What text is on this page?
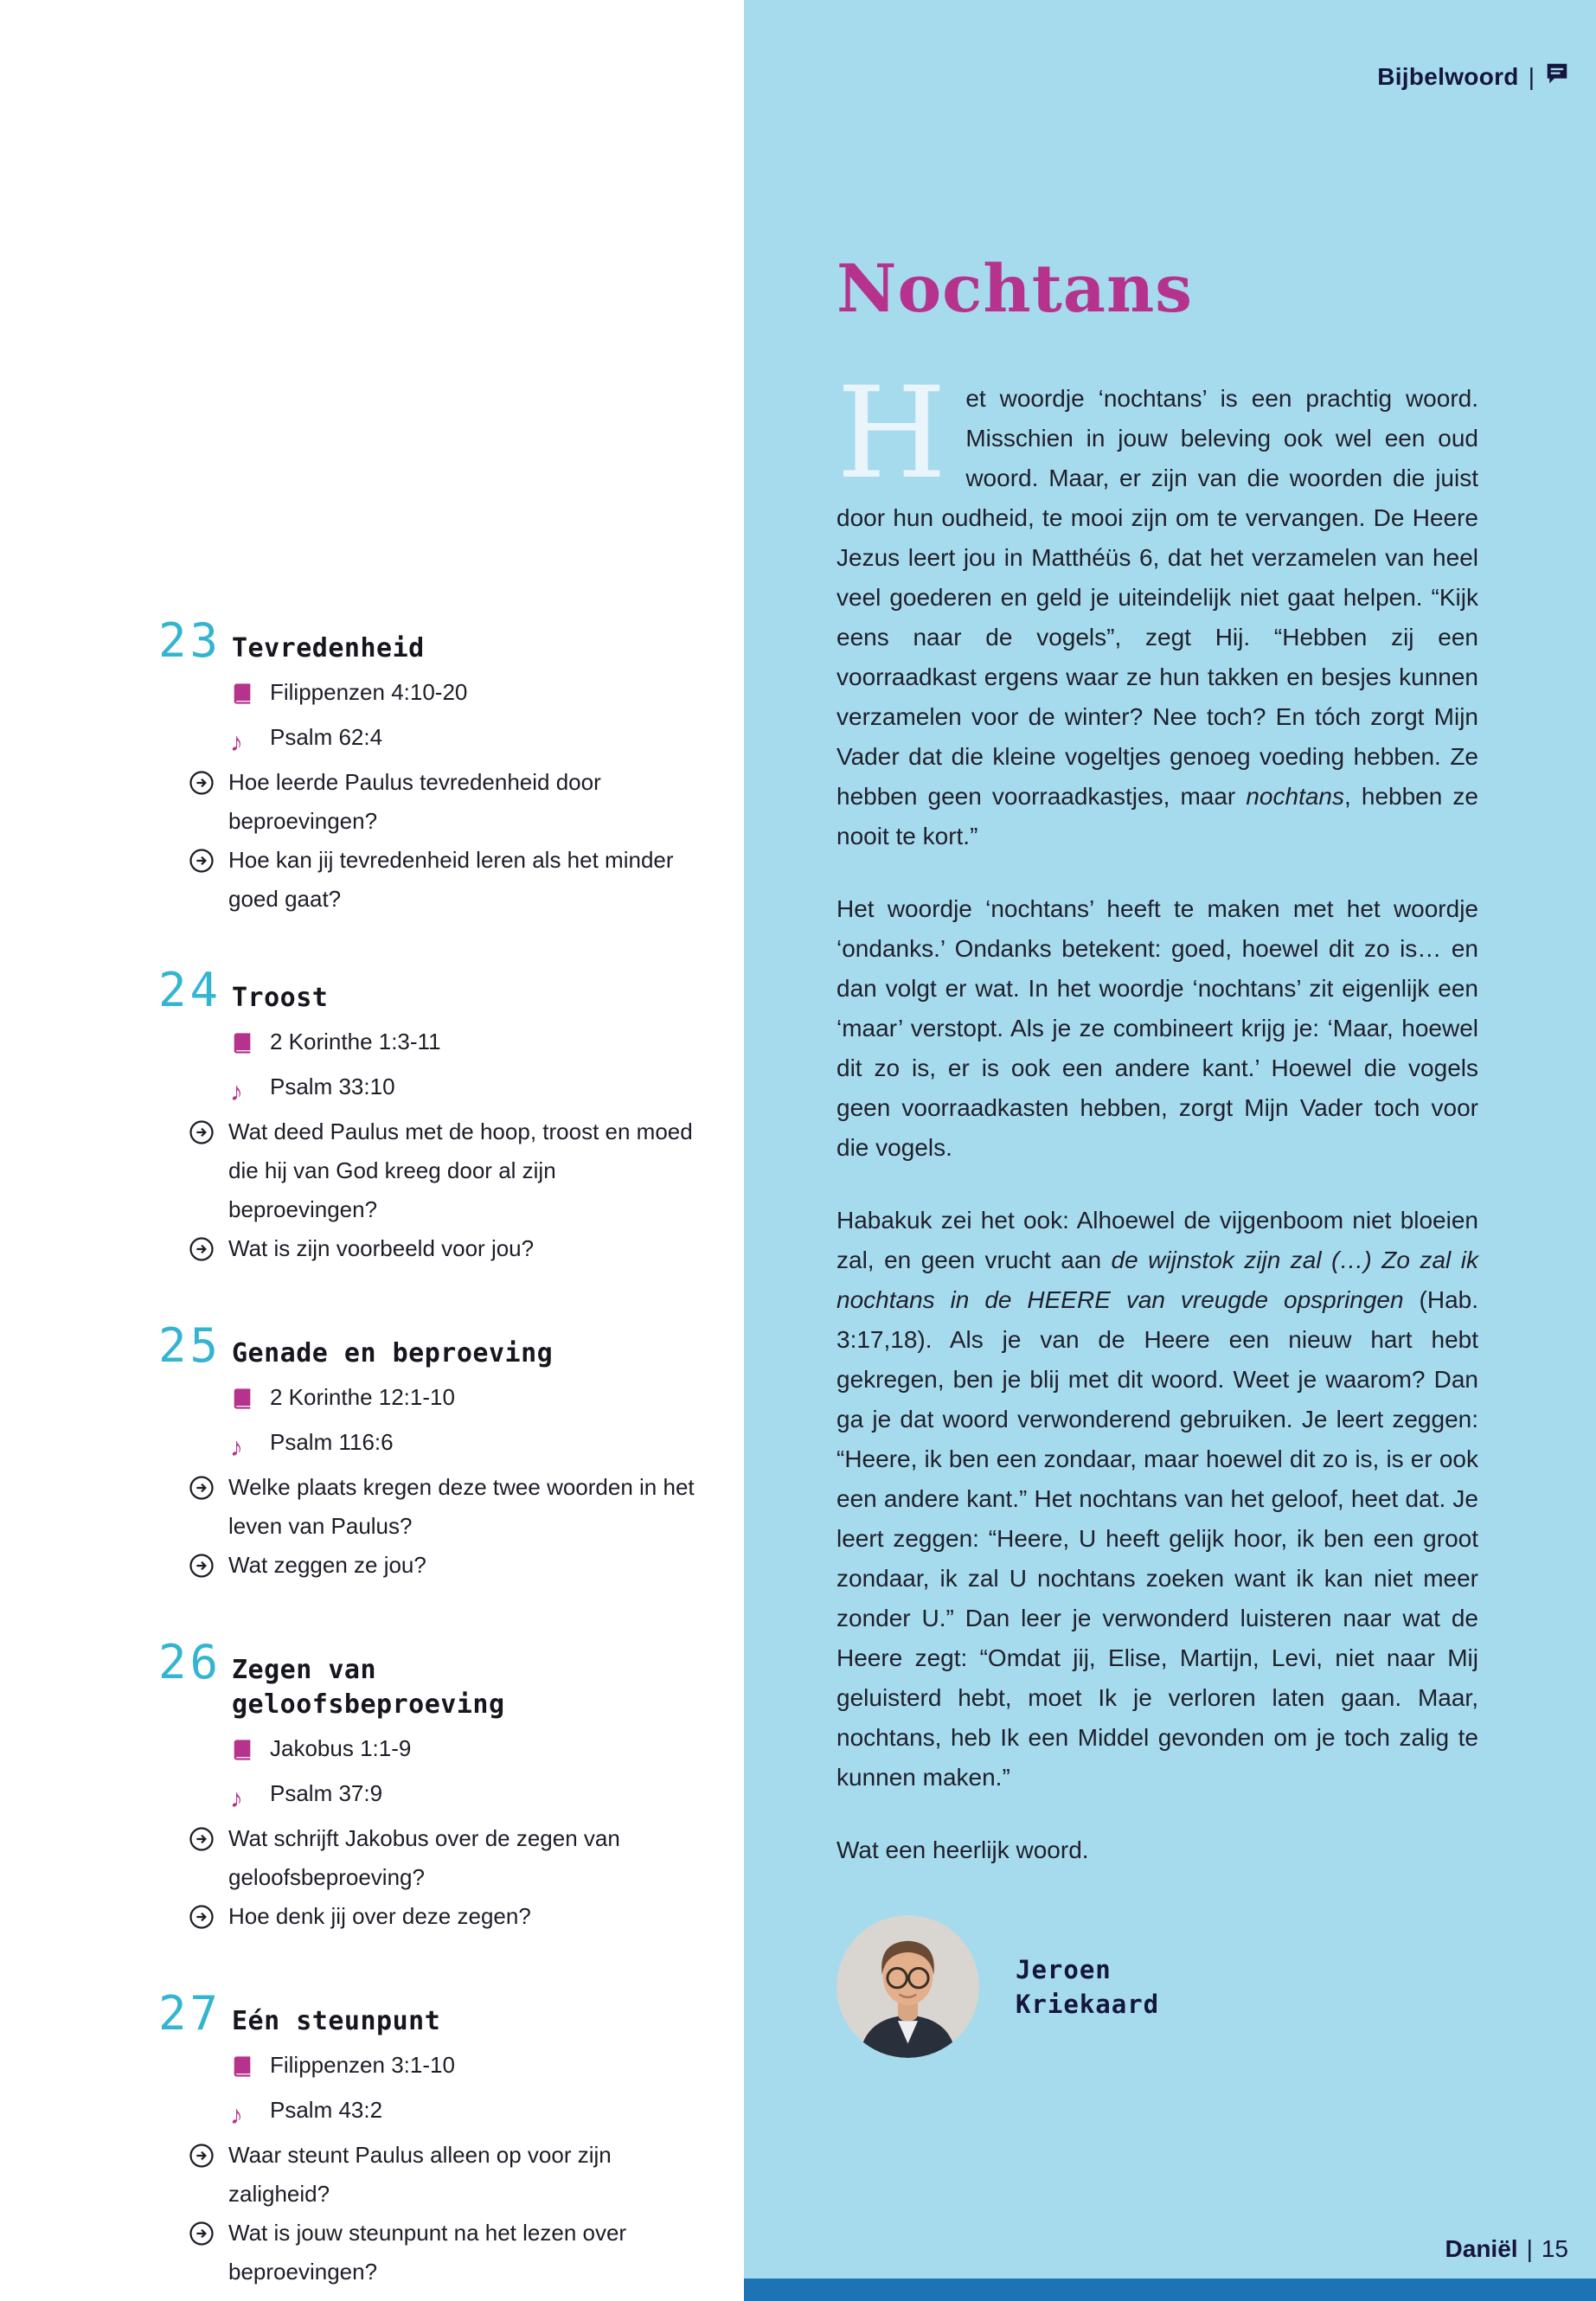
23 Tevredenheid
Filippenzen 4:10-20
♪	Psalm 62:4
Hoe leerde Paulus tevredenheid door beproevingen?
Hoe kan jij tevredenheid leren als het minder goed gaat?
24 Troost
2 Korinthe 1:3-11
♪	Psalm 33:10
Wat deed Paulus met de hoop, troost en moed die hij van God kreeg door al zijn beproevingen?
Wat is zijn voorbeeld voor jou?
25 Genade en beproeving
2 Korinthe 12:1-10
♪	Psalm 116:6
Welke plaats kregen deze twee woorden in het leven van Paulus?
Wat zeggen ze jou?
26 Zegen van geloofsbeproeving
Jakobus 1:1-9
♪	Psalm 37:9
Wat schrijft Jakobus over de zegen van geloofsbeproeving?
Hoe denk jij over deze zegen?
27 Eén steunpunt
Filippenzen 3:1-10
♪	Psalm 43:2
Waar steunt Paulus alleen op voor zijn zaligheid?
Wat is jouw steunpunt na het lezen over beproevingen?
Bijbelwoord |
Nochtans

Het woordje ‘nochtans’ is een prachtig woord. Misschien in jouw beleving ook wel een oud woord. Maar, er zijn van die woorden die juist door hun oudheid, te mooi zijn om te vervangen. De Heere Jezus leert jou in Matthéüs 6, dat het verzamelen van heel veel goederen en geld je uiteindelijk niet gaat helpen. “Kijk eens naar de vogels”, zegt Hij. “Hebben zij een voorraadkast ergens waar ze hun takken en besjes kunnen verzamelen voor de winter? Nee toch? En tóch zorgt Mijn Vader dat die kleine vogeltjes genoeg voeding hebben. Ze hebben geen voorraadkastjes, maar nochtans, hebben ze nooit te kort.”

Het woordje ‘nochtans’ heeft te maken met het woordje ‘ondanks.’ Ondanks betekent: goed, hoewel dit zo is… en dan volgt er wat. In het woordje ‘nochtans’ zit eigenlijk een ‘maar’ verstopt. Als je ze combineert krijg je: ‘Maar, hoewel dit zo is, er is ook een andere kant.’ Hoewel die vogels geen voorraadkasten hebben, zorgt Mijn Vader toch voor die vogels.

Habakuk zei het ook: Alhoewel de vijgenboom niet bloeien zal, en geen vrucht aan de wijnstok zijn zal (…) Zo zal ik nochtans in de HEERE van vreugde opspringen (Hab. 3:17,18). Als je van de Heere een nieuw hart hebt gekregen, ben je blij met dit woord. Weet je waarom? Dan ga je dat woord verwonderend gebruiken. Je leert zeggen: “Heere, ik ben een zondaar, maar hoewel dit zo is, is er ook een andere kant.” Het nochtans van het geloof, heet dat. Je leert zeggen: “Heere, U heeft gelijk hoor, ik ben een groot zondaar, ik zal U nochtans zoeken want ik kan niet meer zonder U.” Dan leer je verwonderd luisteren naar wat de Heere zegt: “Omdat jij, Elise, Martijn, Levi, niet naar Mij geluisterd hebt, moet Ik je verloren laten gaan. Maar, nochtans, heb Ik een Middel gevonden om je toch zalig te kunnen maken.”

Wat een heerlijk woord.

Jeroen
Kriekaard
Daniël | 15
